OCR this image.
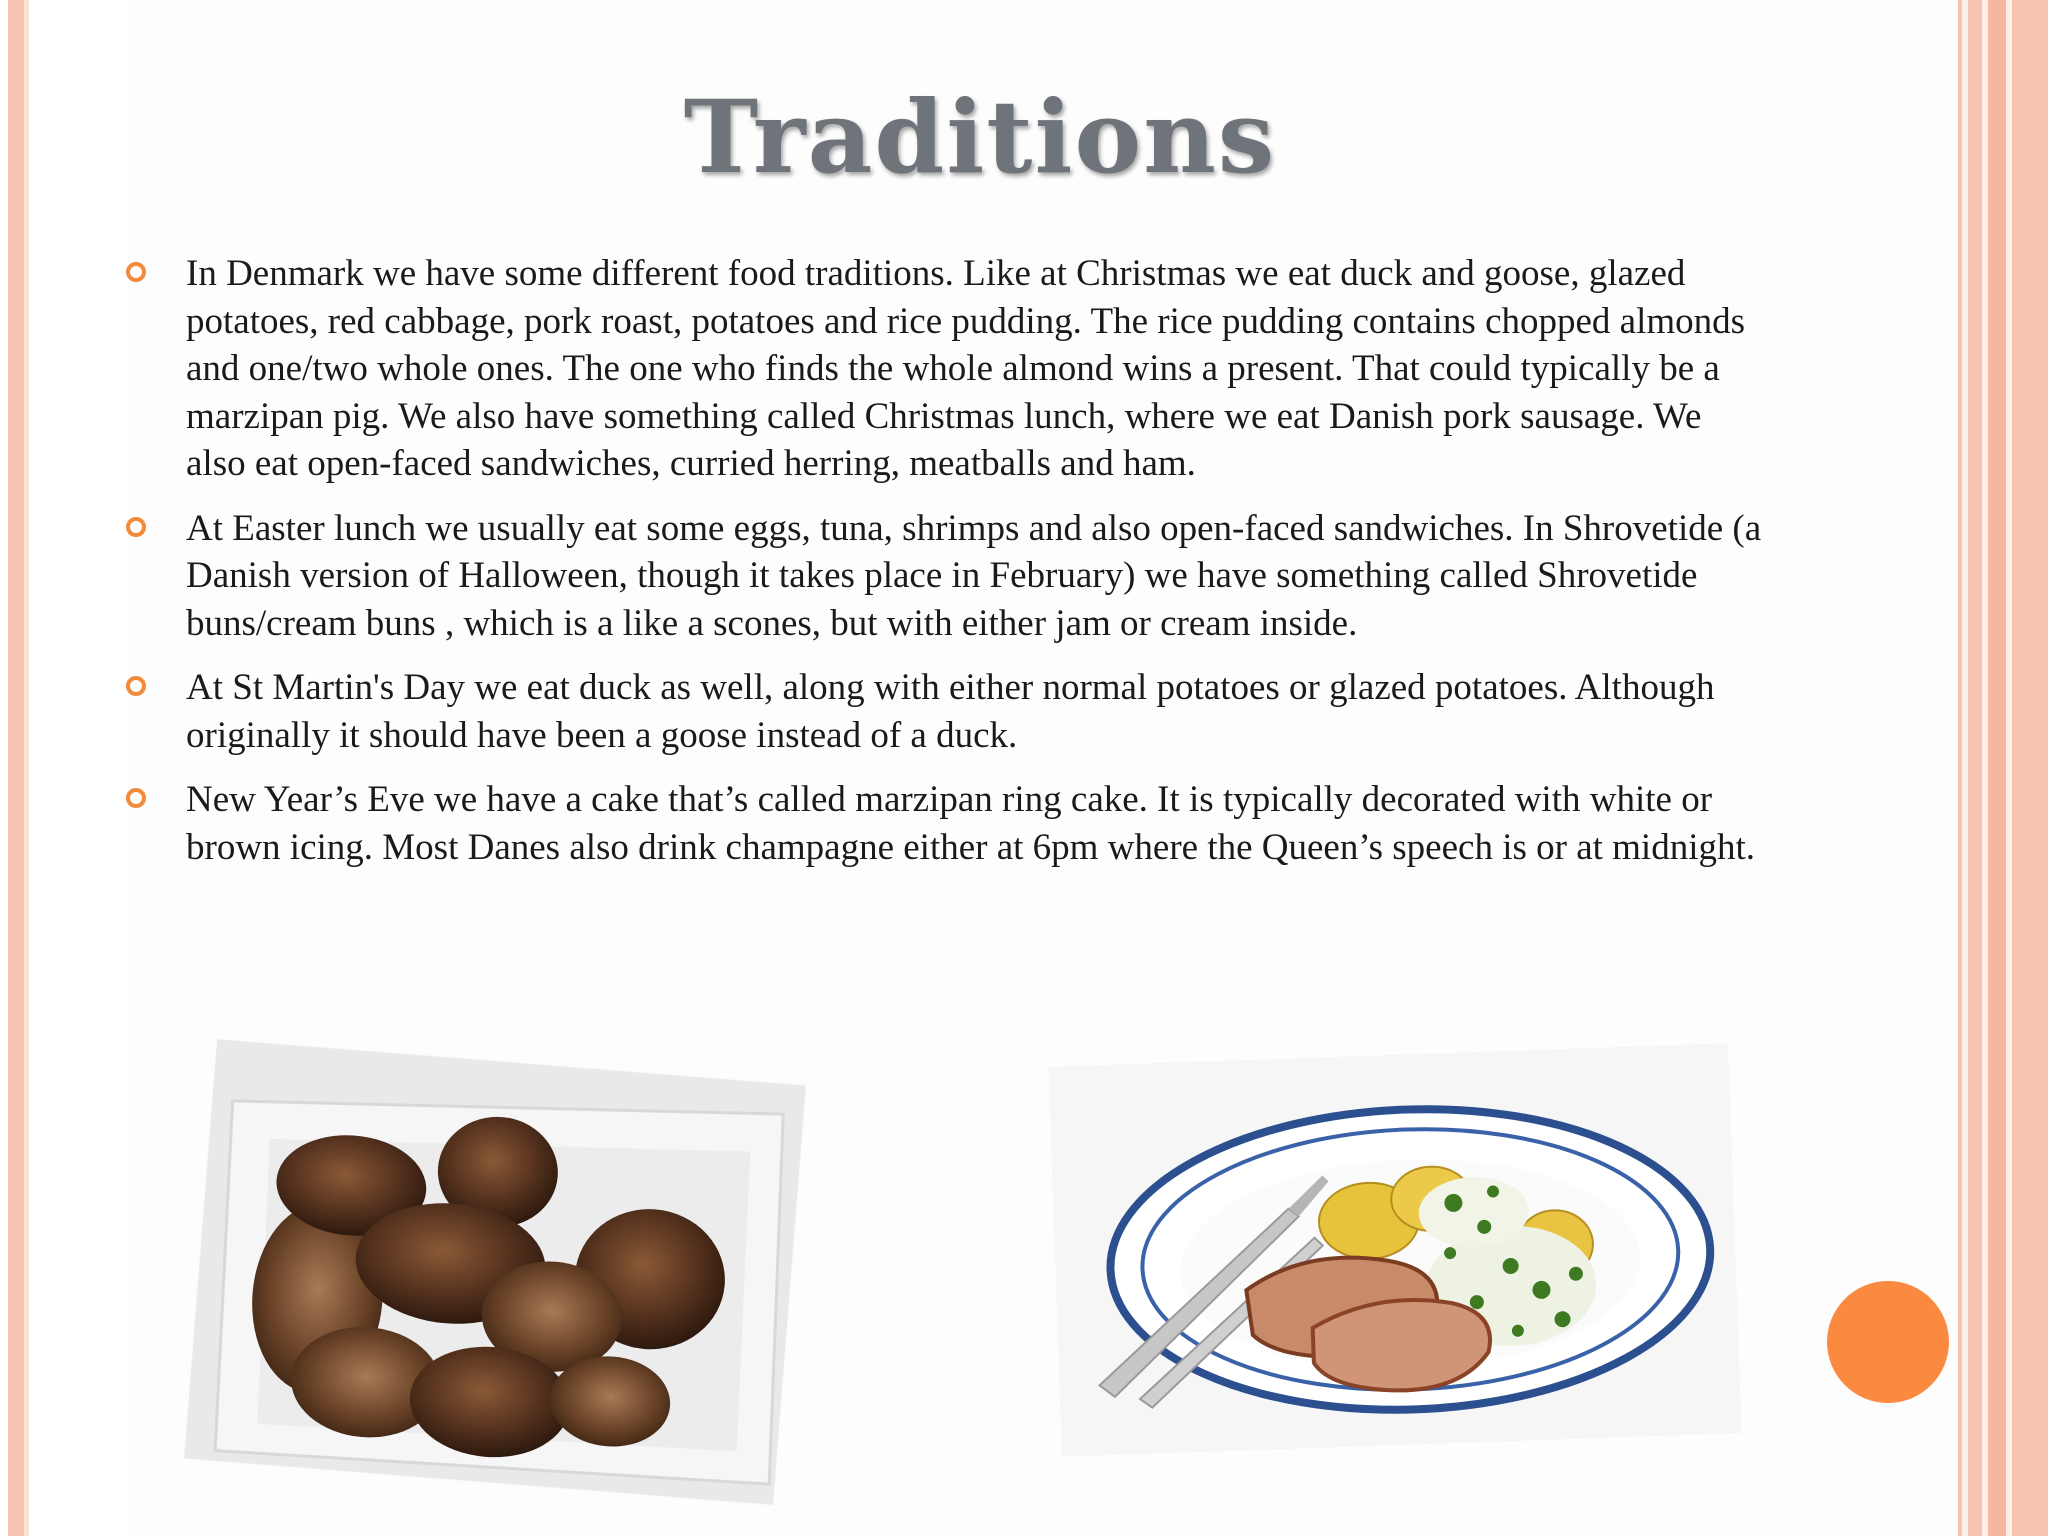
Traditions
In Denmark we have some different food traditions. Like at Christmas we eat duck and goose, glazed potatoes, red cabbage, pork roast, potatoes and rice pudding. The rice pudding contains chopped almonds and one/two whole ones. The one who finds the whole almond wins a present. That could typically be a marzipan pig. We also have something called Christmas lunch, where we eat Danish pork sausage. We also eat open-faced sandwiches, curried herring, meatballs and ham.
At Easter lunch we usually eat some eggs, tuna, shrimps and also open-faced sandwiches. In Shrovetide (a Danish version of Halloween, though it takes place in February) we have something called Shrovetide buns/cream buns , which is a like a scones, but with either jam or cream inside.
At St Martin's Day we eat duck as well, along with either normal potatoes or glazed potatoes. Although originally it should have been a goose instead of a duck.
New Year’s Eve we have a cake that’s called marzipan ring cake. It is typically decorated with white or brown icing. Most Danes also drink champagne either at 6pm where the Queen’s speech is or at midnight.
